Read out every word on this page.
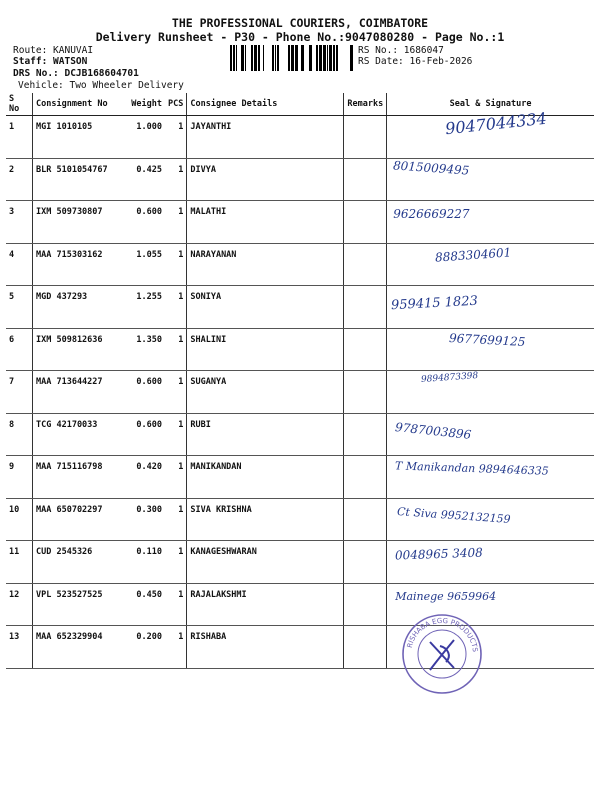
THE PROFESSIONAL COURIERS, COIMBATORE
Delivery Runsheet - P30 - Phone No.:9047080280 - Page No.:1
Route: KANUVAI
Staff: WATSON
DRS No.: DCJB168604701
Vehicle: Two Wheeler Delivery
RS No.: 1686047
RS Date: 16-Feb-2026
S No	Consignment No	Weight	PCS	Consignee Details	Remarks	Seal & Signature

1	MGI 1010105	1.000	1	JAYANTHI		9047044334

2	BLR 5101054767	0.425	1	DIVYA		8015009495

3	IXM 509730807	0.600	1	MALATHI		9626669227

4	MAA 715303162	1.055	1	NARAYANAN		8883304601

5	MGD 437293	1.255	1	SONIYA		959415 1823

6	IXM 509812636	1.350	1	SHALINI		9677699125

7	MAA 713644227	0.600	1	SUGANYA		9894873398

8	TCG 42170033	0.600	1	RUBI		9787003896

9	MAA 715116798	0.420	1	MANIKANDAN		T Manikandan 9894646335

10	MAA 650702297	0.300	1	SIVA KRISHNA		Ct Siva 9952132159

11	CUD 2545326	0.110	1	KANAGESHWARAN		0048965 3408

12	VPL 523527525	0.450	1	RAJALAKSHMI		Mainege 9659964

13	MAA 652329904	0.200	1	RISHABA		

RISHABA EGG PRODUCTS
